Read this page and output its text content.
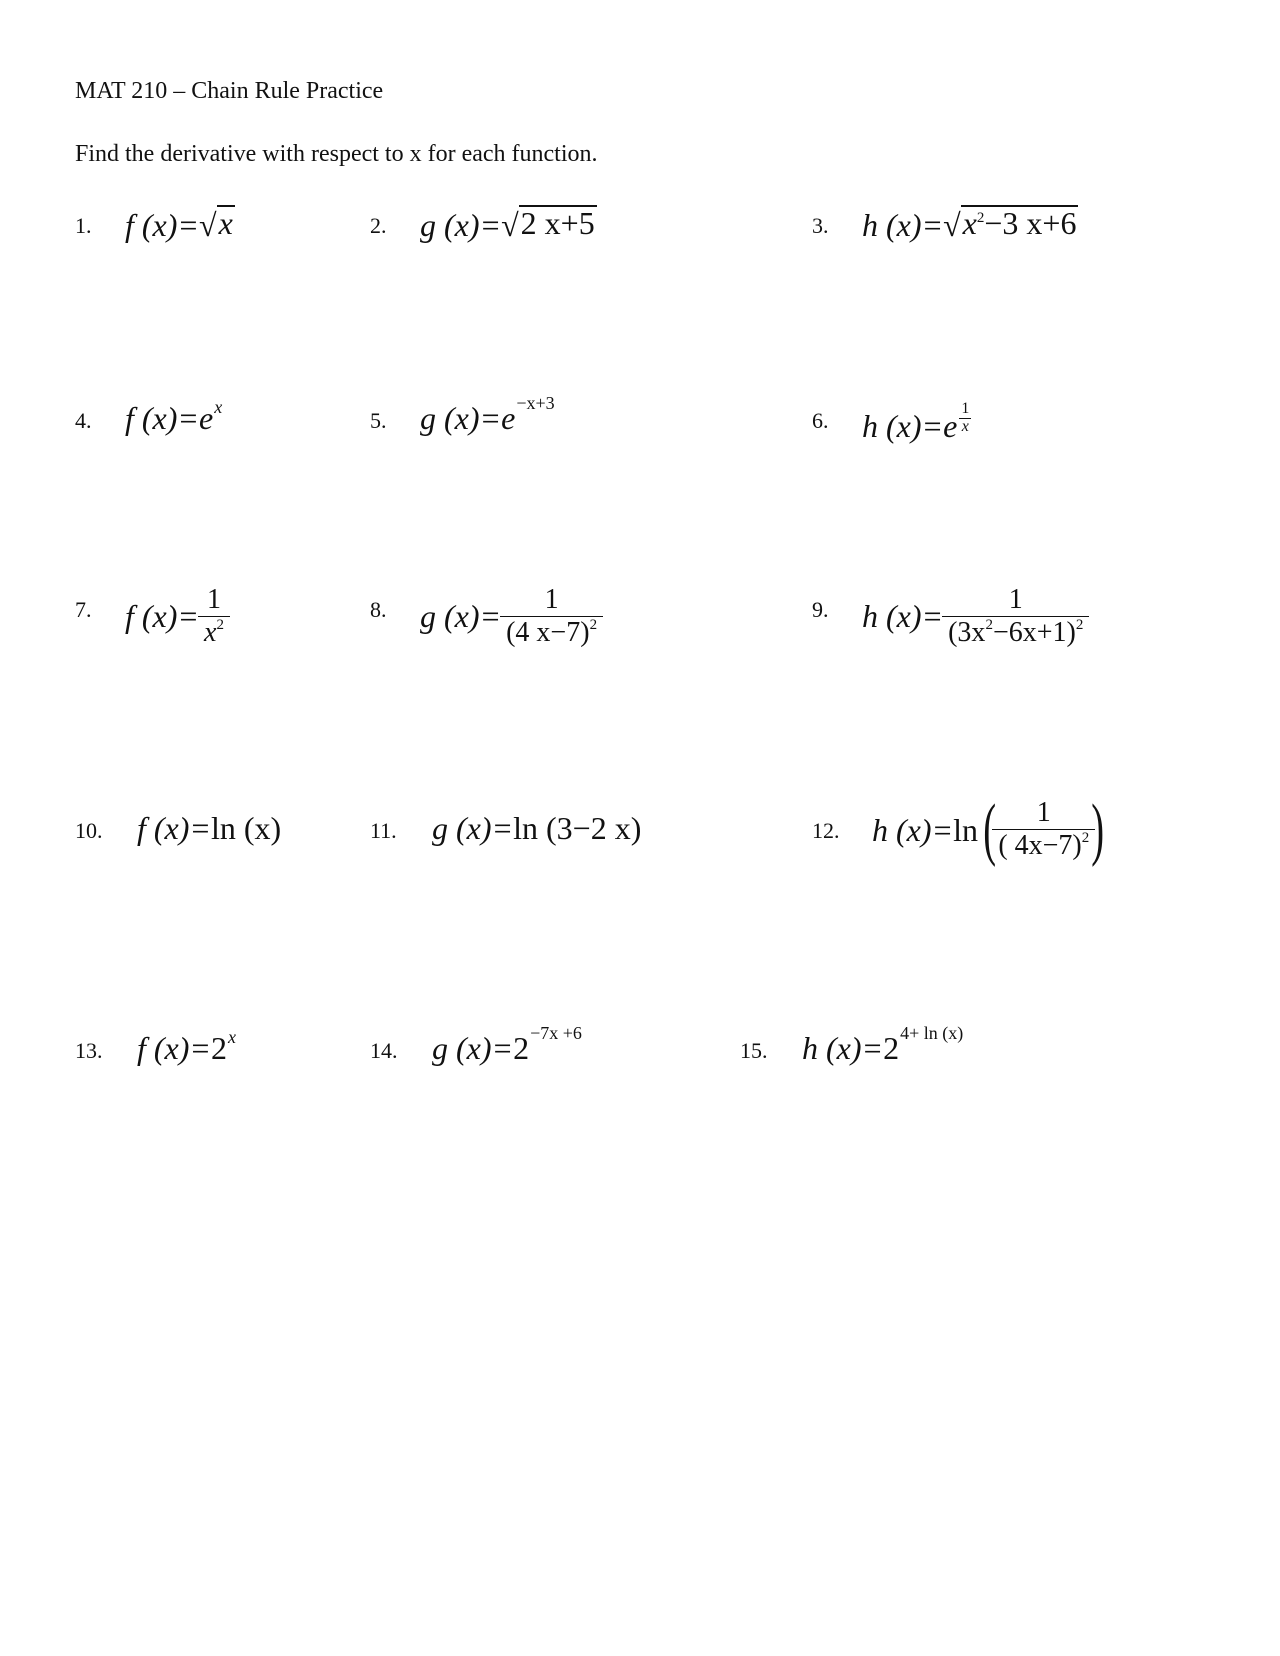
MAT 210 – Chain Rule Practice
Find the derivative with respect to x for each function.
1. f (x)= √ x	2. g (x)= √ 2 x+5	3. h (x)= √ $x^2-3$ x+6
4. f (x)= e x
5. g (x)= e −x+3
6. h (x)= e $\frac{1}{x}$
7. f $(x)= \frac{1}{x^2}$	8. g $(x)= \frac{1}{(4 x-7)^2}$	9. h $(x)= \frac{1}{(3x^2-6x+1)^2}$
10. f (x)= ln (x)	11. g (x)= ln (3−2 x)	12. h (x)= ln ( $\frac{1}{( 4x-7)^2}$ )
13. f (x)= 2 x
14. g (x)= 2 −7x +6
15. h (x)= 2 4+ ln (x)
